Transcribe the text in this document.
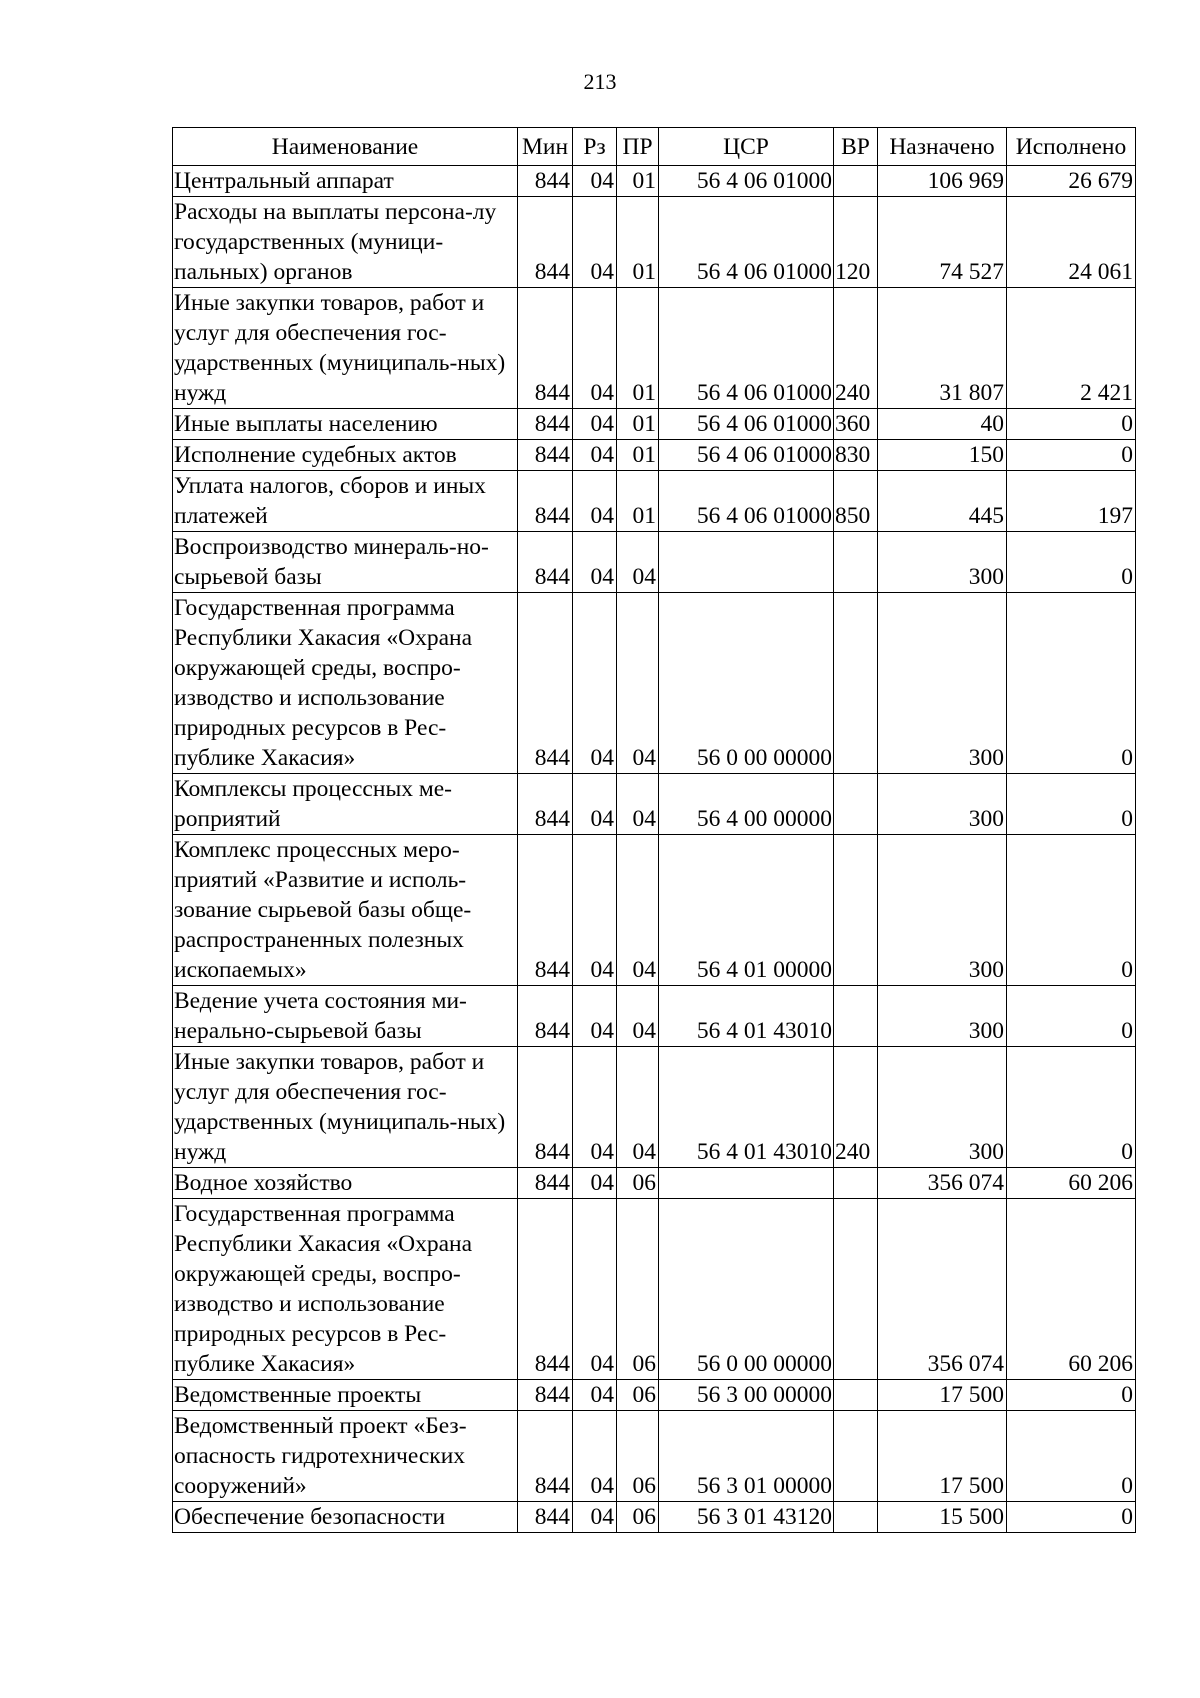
213
Наименование	Мин	Рз	ПР	ЦСР	ВР	Назначено	Исполнено
Центральный аппарат	844	04	01	56 4 06 01000		106 969	26 679
Расходы на выплаты персона-лу государственных (муници-пальных) органов	844	04	01	56 4 06 01000	120	74 527	24 061
Иные закупки товаров, работ и услуг для обеспечения гос-ударственных (муниципаль-ных) нужд	844	04	01	56 4 06 01000	240	31 807	2 421
Иные выплаты населению	844	04	01	56 4 06 01000	360	40	0
Исполнение судебных актов	844	04	01	56 4 06 01000	830	150	0
Уплата налогов, сборов и иных платежей	844	04	01	56 4 06 01000	850	445	197
Воспроизводство минераль-но-сырьевой базы	844	04	04			300	0
Государственная программа Республики Хакасия «Охрана окружающей среды, воспро-изводство и использование природных ресурсов в Рес-публике Хакасия»	844	04	04	56 0 00 00000		300	0
Комплексы процессных ме-роприятий	844	04	04	56 4 00 00000		300	0
Комплекс процессных меро-приятий «Развитие и исполь-зование сырьевой базы обще-распространенных полезных ископаемых»	844	04	04	56 4 01 00000		300	0
Ведение учета состояния ми-нерально-сырьевой базы	844	04	04	56 4 01 43010		300	0
Иные закупки товаров, работ и услуг для обеспечения гос-ударственных (муниципаль-ных) нужд	844	04	04	56 4 01 43010	240	300	0
Водное хозяйство	844	04	06			356 074	60 206
Государственная программа Республики Хакасия «Охрана окружающей среды, воспро-изводство и использование природных ресурсов в Рес-публике Хакасия»	844	04	06	56 0 00 00000		356 074	60 206
Ведомственные проекты	844	04	06	56 3 00 00000		17 500	0
Ведомственный проект «Без-опасность гидротехнических сооружений»	844	04	06	56 3 01 00000		17 500	0
Обеспечение безопасности	844	04	06	56 3 01 43120		15 500	0
